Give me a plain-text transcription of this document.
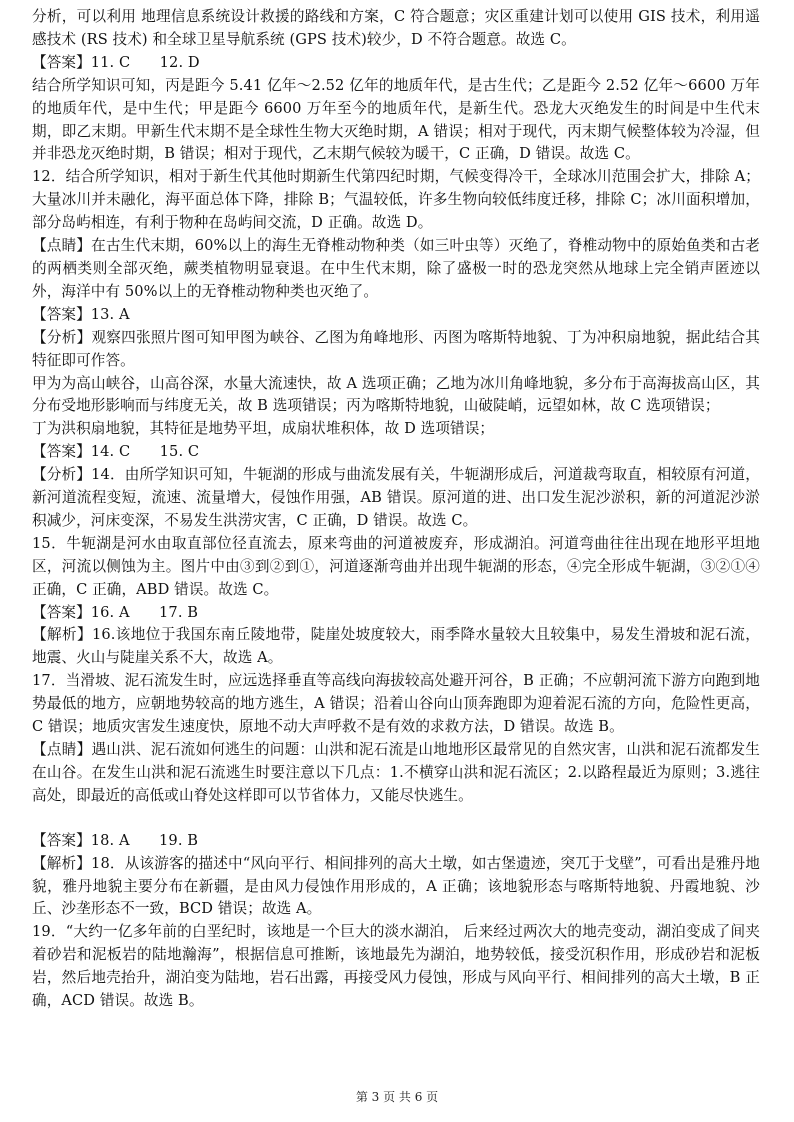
分析，可以利用 地理信息系统设计救援的路线和方案，C 符合题意；灾区重建计划可以使用 GIS 技术，利用遥感技术 (RS 技术) 和全球卫星导航系统 (GPS 技术)较少，D 不符合题意。故选 C。

【答案】11. C　　12. D

结合所学知识可知，丙是距今 5.41 亿年～2.52 亿年的地质年代，是古生代；乙是距今 2.52 亿年～6600 万年的地质年代，是中生代；甲是距今 6600 万年至今的地质年代，是新生代。恐龙大灭绝发生的时间是中生代末期，即乙末期。甲新生代末期不是全球性生物大灭绝时期，A 错误；相对于现代，丙末期气候整体较为冷湿，但并非恐龙灭绝时期，B 错误；相对于现代，乙末期气候较为暖干，C 正确，D 错误。故选 C。

12．结合所学知识，相对于新生代其他时期新生代第四纪时期，气候变得冷干，全球冰川范围会扩大，排除 A；大量冰川并未融化，海平面总体下降，排除 B；气温较低，许多生物向较低纬度迁移，排除 C；冰川面积增加，部分岛屿相连，有利于物种在岛屿间交流，D 正确。故选 D。

【点睛】在古生代末期，60%以上的海生无脊椎动物种类（如三叶虫等）灭绝了，脊椎动物中的原始鱼类和古老的两栖类则全部灭绝，蕨类植物明显衰退。在中生代末期，除了盛极一时的恐龙突然从地球上完全销声匿迹以外，海洋中有 50%以上的无脊椎动物种类也灭绝了。

【答案】13. A

【分析】观察四张照片图可知甲图为峡谷、乙图为角峰地形、丙图为喀斯特地貌、丁为冲积扇地貌，据此结合其特征即可作答。

甲为为高山峡谷，山高谷深，水量大流速快，故 A 选项正确；乙地为冰川角峰地貌，多分布于高海拔高山区，其分布受地形影响而与纬度无关，故 B 选项错误；丙为喀斯特地貌，山破陡峭，远望如林，故 C 选项错误；

丁为洪积扇地貌，其特征是地势平坦，成扇状堆积体，故 D 选项错误；

【答案】14. C　　15. C

【分析】14．由所学知识可知，牛轭湖的形成与曲流发展有关，牛轭湖形成后，河道裁弯取直，相较原有河道，新河道流程变短，流速、流量增大，侵蚀作用强，AB 错误。原河道的进、出口发生泥沙淤积，新的河道泥沙淤积减少，河床变深，不易发生洪涝灾害，C 正确，D 错误。故选 C。

15．牛轭湖是河水由取直部位径直流去，原来弯曲的河道被废弃，形成湖泊。河道弯曲往往出现在地形平坦地区，河流以侧蚀为主。图片中由③到②到①，河道逐渐弯曲并出现牛轭湖的形态，④完全形成牛轭湖，③②①④正确，C 正确，ABD 错误。故选 C。

【答案】16. A　　17. B

【解析】16.该地位于我国东南丘陵地带，陡崖处坡度较大，雨季降水量较大且较集中，易发生滑坡和泥石流，地震、火山与陡崖关系不大，故选 A。

17．当滑坡、泥石流发生时，应远选择垂直等高线向海拔较高处避开河谷，B 正确；不应朝河流下游方向跑到地势最低的地方，应朝地势较高的地方逃生，A 错误；沿着山谷向山顶奔跑即为迎着泥石流的方向，危险性更高，C 错误；地质灾害发生速度快，原地不动大声呼救不是有效的求救方法，D 错误。故选 B。

【点睛】遇山洪、泥石流如何逃生的问题：山洪和泥石流是山地地形区最常见的自然灾害，山洪和泥石流都发生在山谷。在发生山洪和泥石流逃生时要注意以下几点：1.不横穿山洪和泥石流区；2.以路程最近为原则；3.逃往高处，即最近的高低或山脊处这样即可以节省体力，又能尽快逃生。

【答案】18. A　　19. B

【解析】18．从该游客的描述中“风向平行、相间排列的高大土墩，如古堡遗迹，突兀于戈壁”，可看出是雅丹地貌，雅丹地貌主要分布在新疆，是由风力侵蚀作用形成的，A 正确；该地貌形态与喀斯特地貌、丹霞地貌、沙丘、沙垄形态不一致，BCD 错误；故选 A。

19．“大约一亿多年前的白垩纪时，该地是一个巨大的淡水湖泊， 后来经过两次大的地壳变动，湖泊变成了间夹着砂岩和泥板岩的陆地瀚海”，根据信息可推断，该地最先为湖泊，地势较低，接受沉积作用，形成砂岩和泥板岩，然后地壳抬升，湖泊变为陆地，岩石出露，再接受风力侵蚀，形成与风向平行、相间排列的高大土墩，B 正确，ACD 错误。故选 B。

第 3 页 共 6 页
